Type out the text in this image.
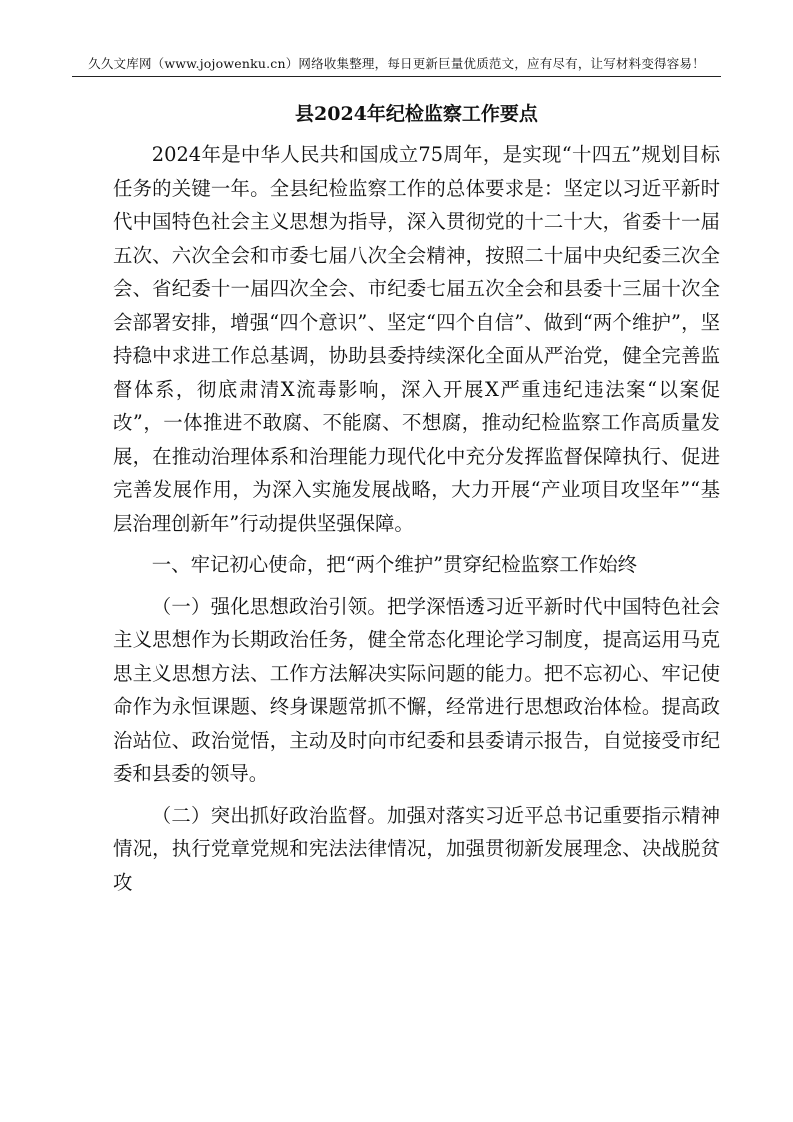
久久文库网（www.jojowenku.cn）网络收集整理，每日更新巨量优质范文，应有尽有，让写材料变得容易！
县2024年纪检监察工作要点

2024年是中华人民共和国成立75周年，是实现“十四五”规划目标任务的关键一年。全县纪检监察工作的总体要求是：坚定以习近平新时代中国特色社会主义思想为指导，深入贯彻党的十二十大，省委十一届五次、六次全会和市委七届八次全会精神，按照二十届中央纪委三次全会、省纪委十一届四次全会、市纪委七届五次全会和县委十三届十次全会部署安排，增强“四个意识”、坚定“四个自信”、做到“两个维护”，坚持稳中求进工作总基调，协助县委持续深化全面从严治党，健全完善监督体系，彻底肃清X流毒影响，深入开展X严重违纪违法案“以案促改”，一体推进不敢腐、不能腐、不想腐，推动纪检监察工作高质量发展，在推动治理体系和治理能力现代化中充分发挥监督保障执行、促进完善发展作用，为深入实施发展战略，大力开展“产业项目攻坚年”“基层治理创新年”行动提供坚强保障。

一、牢记初心使命，把“两个维护”贯穿纪检监察工作始终

（一）强化思想政治引领。把学深悟透习近平新时代中国特色社会主义思想作为长期政治任务，健全常态化理论学习制度，提高运用马克思主义思想方法、工作方法解决实际问题的能力。把不忘初心、牢记使命作为永恒课题、终身课题常抓不懈，经常进行思想政治体检。提高政治站位、政治觉悟，主动及时向市纪委和县委请示报告，自觉接受市纪委和县委的领导。

（二）突出抓好政治监督。加强对落实习近平总书记重要指示精神情况，执行党章党规和宪法法律情况，加强贯彻新发展理念、决战脱贫攻
